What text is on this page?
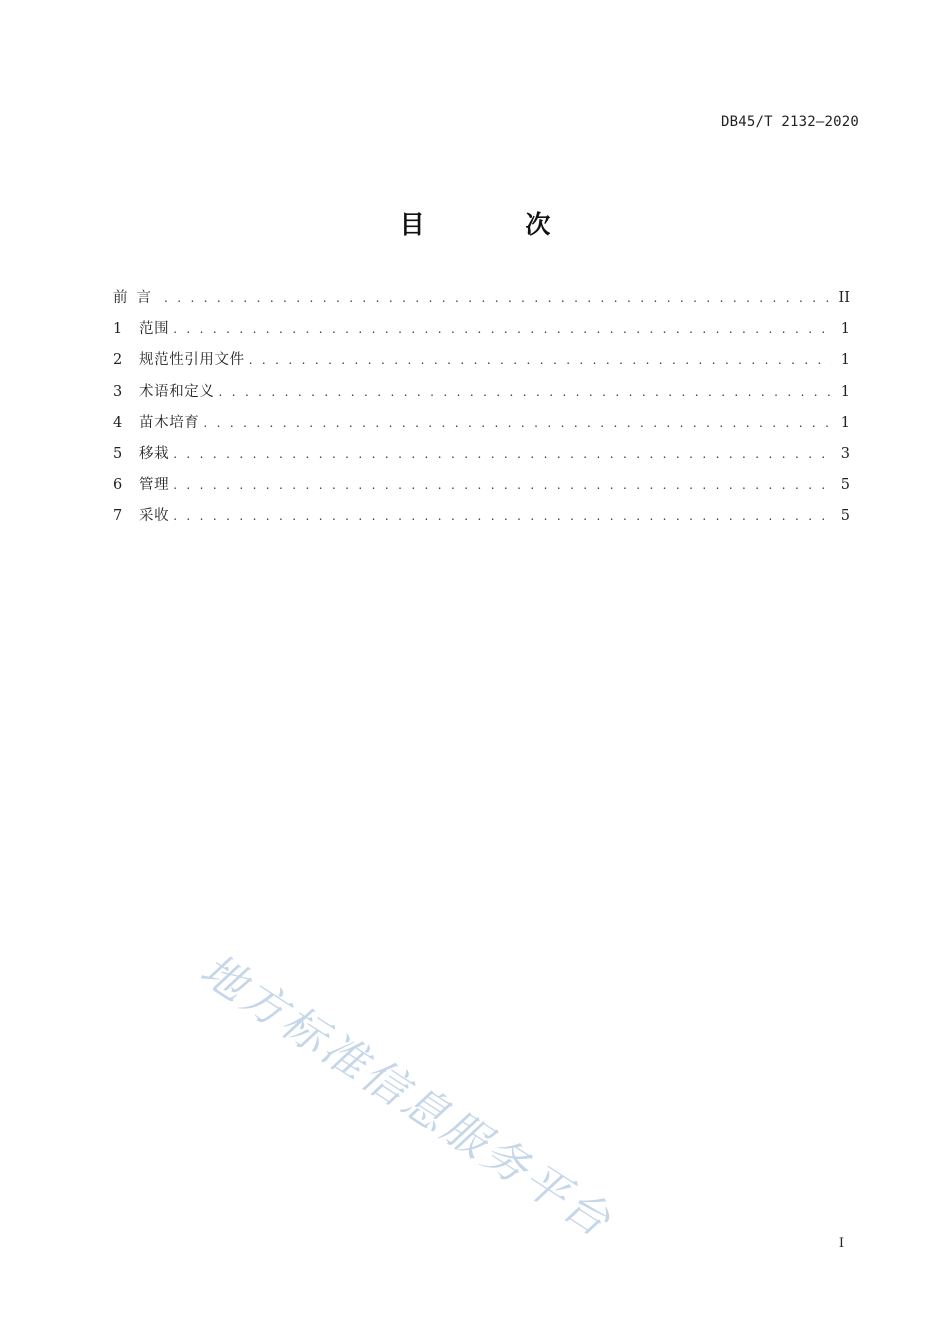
DB45/T 2132—2020
目 次
前言 . . .	II
1	范围 . . .	1
2	规范性引用文件 . . .	1
3	术语和定义 . . .	1
4	苗木培育 . . .	1
5	移栽 . . .	3
6	管理 . . .	5
7	采收 . . .	5
地方标准信息服务平台	I
